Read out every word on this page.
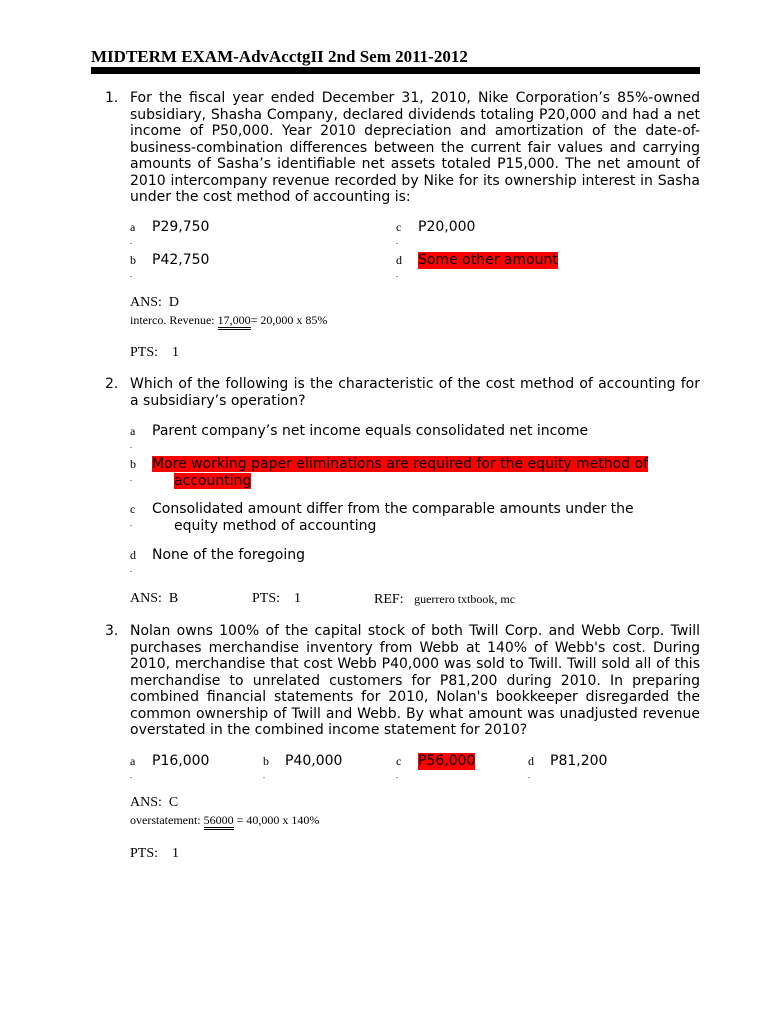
MIDTERM EXAM-AdvAcctgII 2nd Sem 2011-2012
1. For the fiscal year ended December 31, 2010, Nike Corporation’s 85%-owned subsidiary, Shasha Company, declared dividends totaling P20,000 and had a net income of P50,000. Year 2010 depreciation and amortization of the date-of-business-combination differences between the current fair values and carrying amounts of Sasha’s identifiable net assets totaled P15,000. The net amount of 2010 intercompany revenue recorded by Nike for its ownership interest in Sasha under the cost method of accounting is:
a
.
P29,750	c
.
P20,000
b
.
P42,750	d
.
Some other amount
ANS: D
interco. Revenue: 17,000= 20,000 x 85%
PTS: 1
2. Which of the following is the characteristic of the cost method of accounting for a subsidiary’s operation?
a
.
Parent company’s net income equals consolidated net income
b
.
More working paper eliminations are required for the equity method of
accounting
c
.
Consolidated amount differ from the comparable amounts under the
equity method of accounting
d
.
None of the foregoing
ANS: B	PTS: 1	REF: guerrero txtbook, mc
3. Nolan owns 100% of the capital stock of both Twill Corp. and Webb Corp. Twill purchases merchandise inventory from Webb at 140% of Webb's cost. During 2010, merchandise that cost Webb P40,000 was sold to Twill. Twill sold all of this merchandise to unrelated customers for P81,200 during 2010. In preparing combined financial statements for 2010, Nolan's bookkeeper disregarded the common ownership of Twill and Webb. By what amount was unadjusted revenue overstated in the combined income statement for 2010?
a
.
P16,000	b
.
P40,000	c
.
P56,000	d
.
P81,200
ANS: C
overstatement: 56000 = 40,000 x 140%
PTS: 1
